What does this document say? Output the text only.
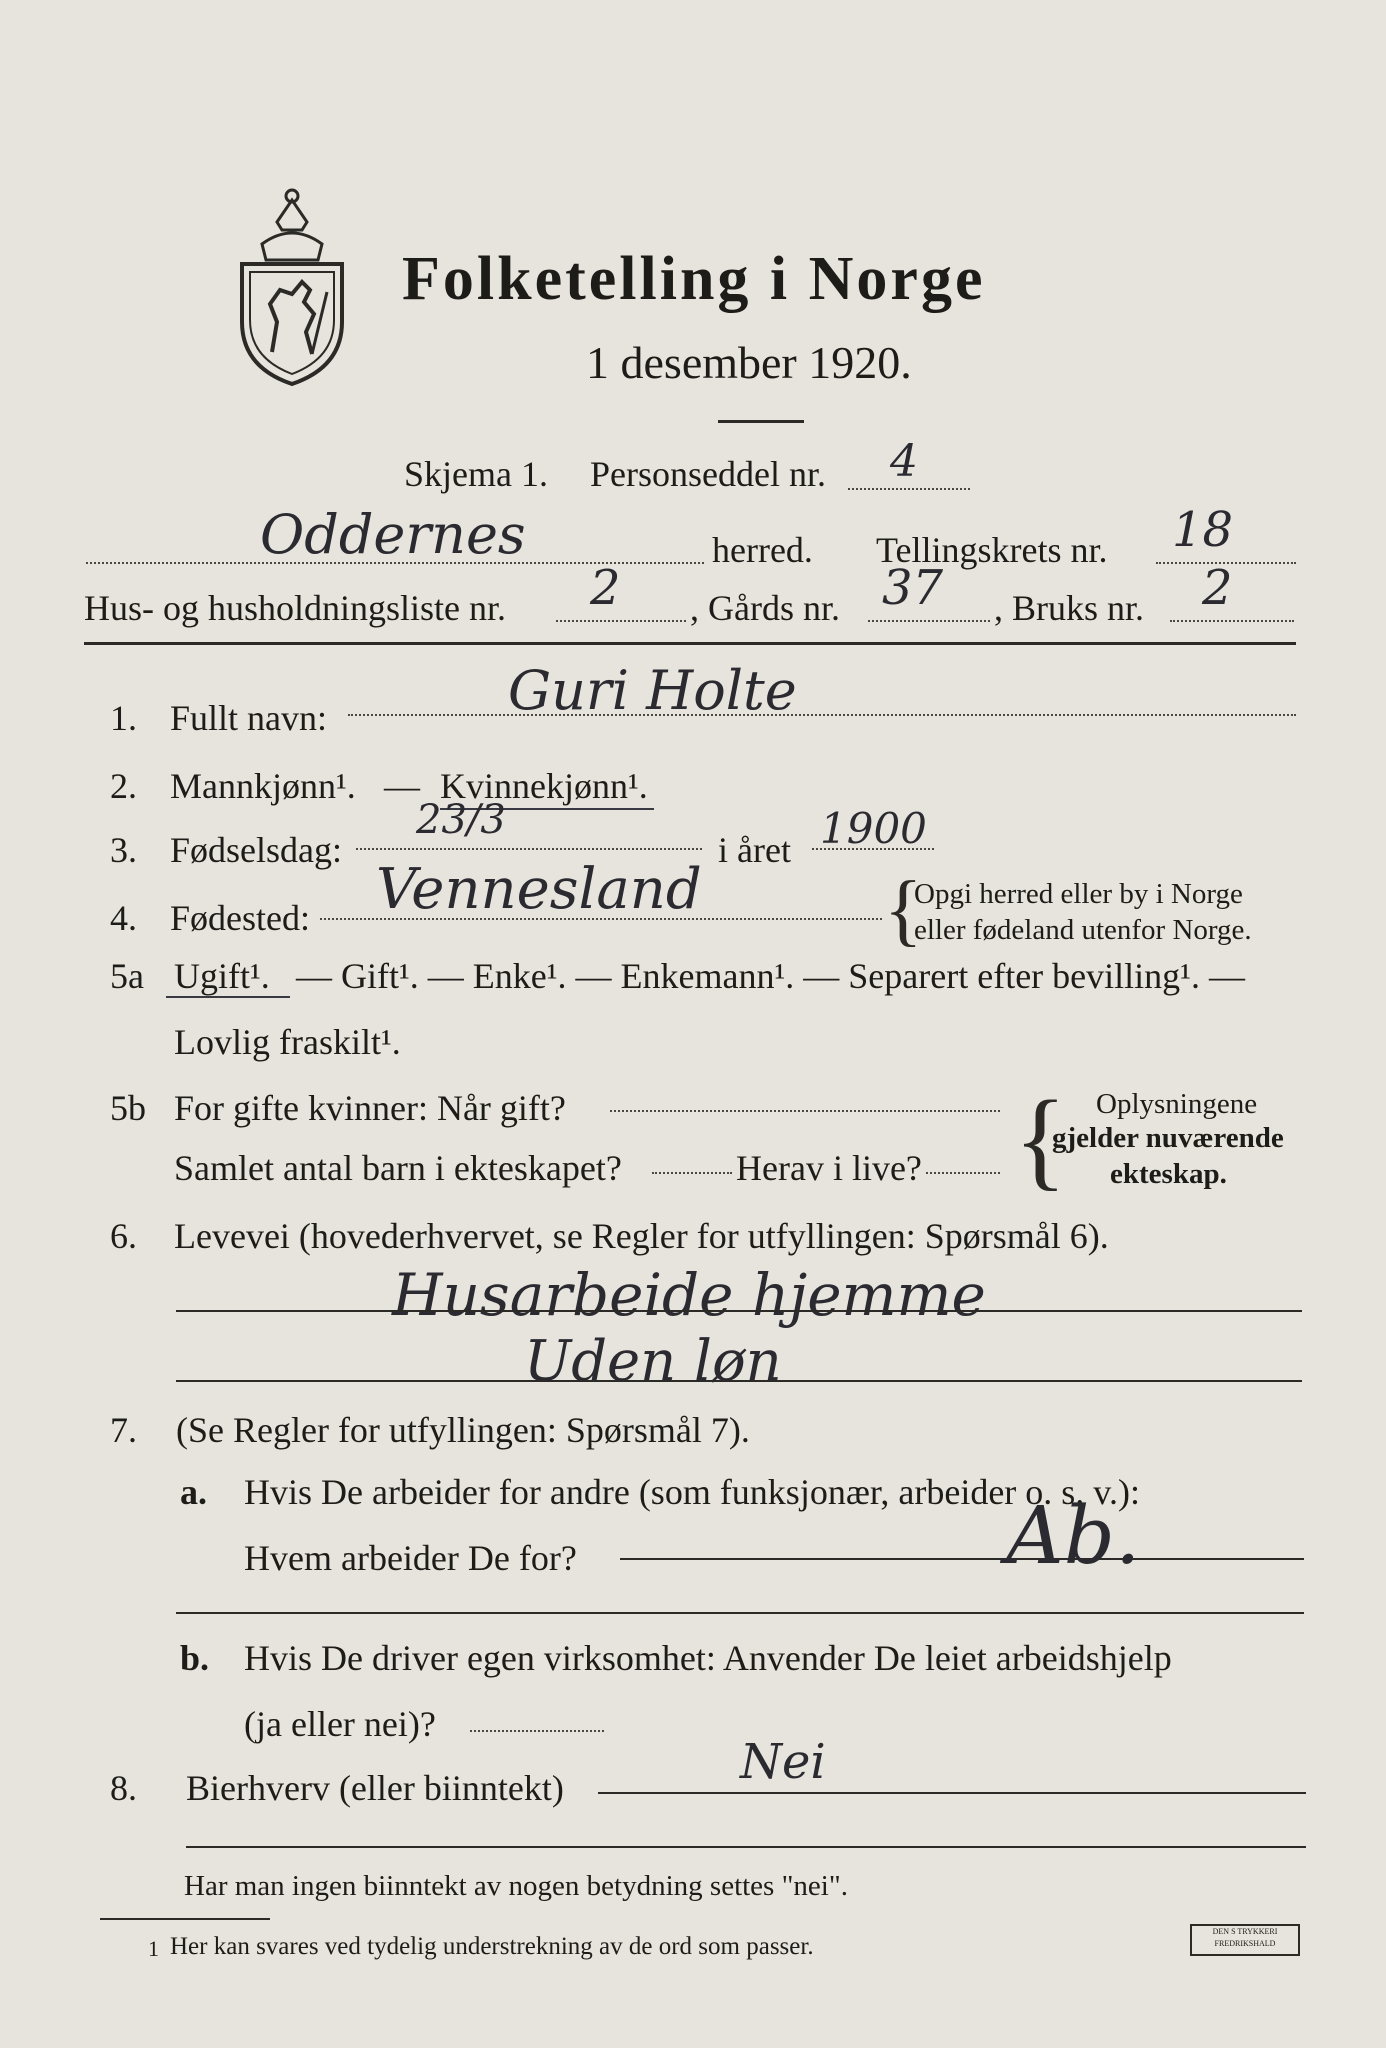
Folketelling i Norge
1 desember 1920.
Skjema 1. Personseddel nr. 4
Oddernes	herred. Tellingskrets nr. 18
Hus- og husholdningsliste nr. 2 , Gårds nr. 37 , Bruks nr. 2
1. Fullt navn:	Guri Holte
2. Mannkjønn¹. — Kvinnekjønn¹.
3. Fødselsdag:
23/3
i året 1900
4. Fødested: Vennesland {
Opgi herred eller by i Norge
eller fødeland utenfor Norge.
5a Ugift¹. — Gift¹. — Enke¹. — Enkemann¹. — Separert efter bevilling¹. —
Lovlig fraskilt¹.
5b For gifte kvinner: Når gift?
Samlet antal barn i ekteskapet?	Herav i live? { Oplysningene
gjelder nuværende
ekteskap.
6. Levevei (hovederhvervet, se Regler for utfyllingen: Spørsmål 6).
Husarbeide hjemme
Uden løn
7. (Se Regler for utfyllingen: Spørsmål 7).
a. Hvis De arbeider for andre (som funksjonær, arbeider o. s. v.):
Hvem arbeider De for?	Ab.
b. Hvis De driver egen virksomhet: Anvender De leiet arbeidshjelp
(ja eller nei)?
8. Bierhverv (eller biinntekt)	Nei
Har man ingen biinntekt av nogen betydning settes "nei".
1 Her kan svares ved tydelig understrekning av de ord som passer.
DEN S TRYKKERI FREDRIKSHALD
